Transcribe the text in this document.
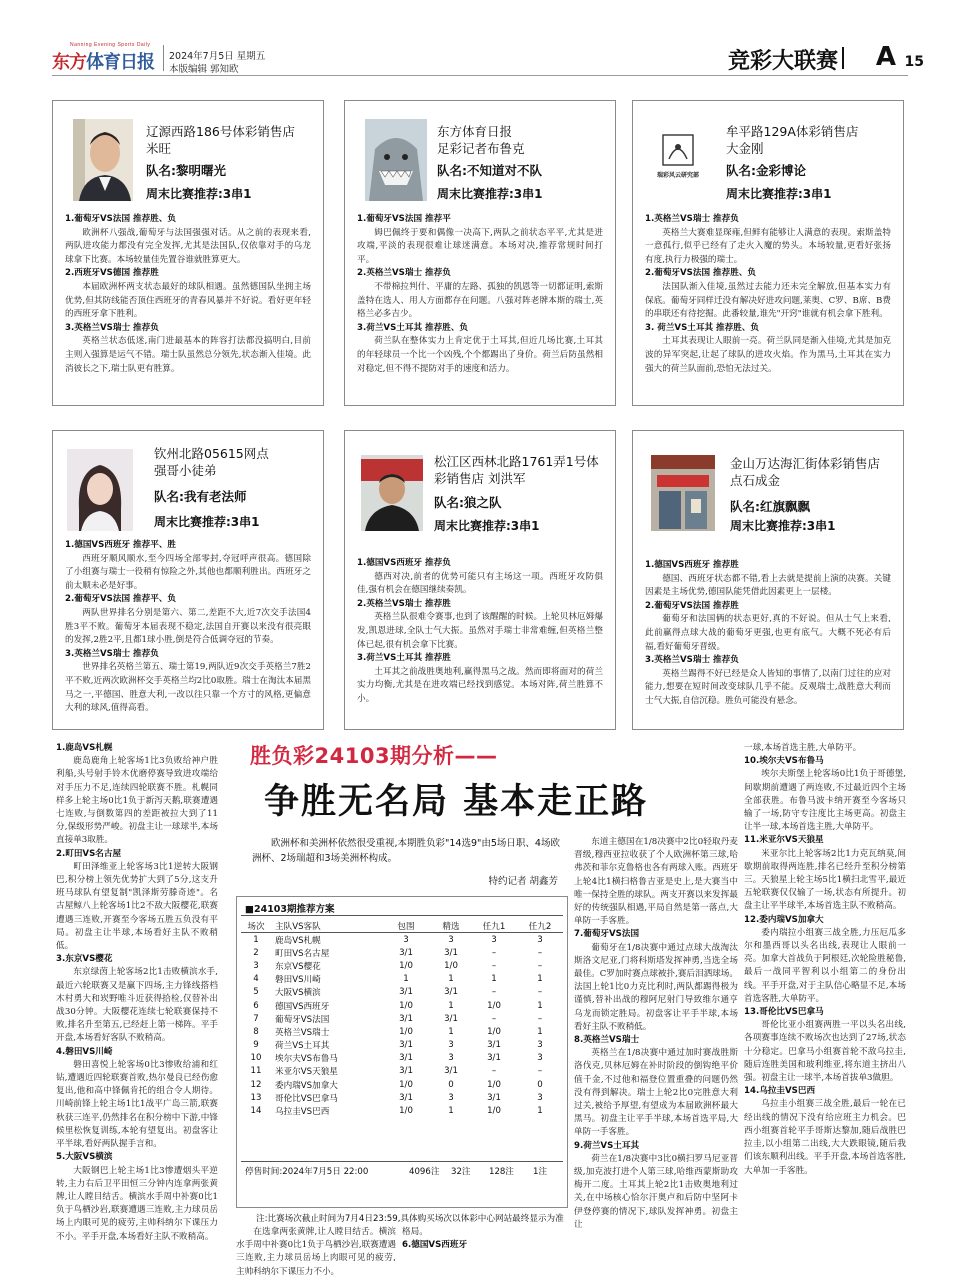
Nanning Evening Sports Daily
东方体育日报 2024年7月5日 星期五
本版编辑 郭知欧	竞彩大联赛 A 15
辽源西路186号体彩销售店
米旺
队名:黎明曙光
周末比赛推荐:3串1
1.葡萄牙VS法国 推荐胜、负

欧洲杯八强战,葡萄牙与法国强强对话。从之前的表现来看,两队进攻能力都没有完全发挥,尤其是法国队,仅依靠对手的乌龙球拿下比赛。本场较量佳先置谷谁就胜算更大。

2.西班牙VS德国 推荐胜

本届欧洲杯两支状态最好的球队相遇。虽然德国队坐拥主场优势,但其防线能否顶住西班牙的青春风暴并不好说。看好更年轻的西班牙拿下胜利。

3.英格兰VS瑞士 推荐负

英格兰状态低迷,南门进最基本的阵容打法都没搞明白,目前主则入强算是运气不错。瑞士队虽然总分领先,状态渐入佳境。此消彼长之下,瑞士队更有胜算。

东方体育日报
足彩记者布鲁克
队名:不知道对不队
周末比赛推荐:3串1
1.葡萄牙VS法国 推荐平

姆巴佩终于要和偶像一决高下,两队之前状态平平,尤其是进攻端,平淡的表现很难让球迷满意。本场对决,推荐常规时间打平。

2.英格兰VS瑞士 推荐负

不带棉拉判什、平庸的左路、孤独的凯恩等一切都证明,索斯盖特在选人、用人方面都存在问题。八强对阵老牌本斯的瑞士,英格兰必多吉少。

3.荷兰VS土耳其 推荐胜、负

荷兰队在整体实力上肯定优于土耳其,但近几场比赛,土耳其的年轻球员一个比一个凶残,个个都踢出了身价。荷兰后防虽然相对稳定,但不得不提防对手的速度和活力。

瑞彩风云研究部
牟平路129A体彩销售店
大金刚
队名:金彩博论
周末比赛推荐:3串1
1.英格兰VS瑞士 推荐负

英格兰大赛难显琛雍,但鲜有能够让人满意的表现。索斯盖特一意孤行,似乎已经有了走火入魔的势头。本场较量,更看好张扬有度,执行力极强的瑞士。

2.葡萄牙VS法国 推荐胜、负

法国队渐入佳境,虽然过去能力还未完全解放,但基本实力有保底。葡萄牙同样迁没有解决好进攻问题,莱奥、C罗、B席、B费的串联还有待挖掘。此番较量,谁先"开窍"谁就有机会拿下胜利。

3. 荷兰VS土耳其 推荐胜、负

土耳其表现让人眼前一亮。荷兰队同是渐入佳境,尤其是加克波的异军突起,让起了球队的进攻火焰。作为黑马,土耳其在实力强大的荷兰队面前,恐怕无法过关。

钦州北路05615网点
强哥小徒弟
队名:我有老法师
周末比赛推荐:3串1
1.德国VS西班牙 推荐平、胜

西班牙顺风顺水,至今四场全部零封,夺冠呼声很高。德国除了小组赛与瑞士一役稍有惊险之外,其他也都顺利胜出。西班牙之前太顺未必是好事。

2.葡萄牙VS法国 推荐平、负

两队世界排名分别是第六、第二,差距不大,近7次交手法国4胜3平不败。葡萄牙本届表现不稳定,法国自开赛以来没有很亮眼的发挥,2胜2平,且都1球小胜,倒是符合低调夺冠的节奏。

3.英格兰VS瑞士 推荐负

世界排名英格兰第五、瑞士第19,两队近9次交手英格兰7胜2平不败,近两次欧洲杯交手英格兰均2比0取胜。瑞士在淘汰本届黑马之一,平德国、胜意大利,一改以往只靠一个方寸的风格,更偏意大利的球风,值得高看。

松江区西林北路1761弄1号体彩销售店 刘洪军
队名:狼之队
周末比赛推荐:3串1
1.德国VS西班牙 推荐负

德西对决,前者的优势可能只有主场这一项。西班牙攻防俱佳,强有机会在德国继续奏凯。

2.英格兰VS瑞士 推荐胜

英格兰队很难令赛事,也到了该醒醒的时候。上轮贝林厄姆爆发,凯恩进球,全队士气大振。虽然对手瑞士非常难缠,但英格兰整体已起,很有机会拿下比赛。

3.荷兰VS土耳其 推荐胜

土耳其之前战胜奥地利,赢得黑马之战。然而即将面对的荷兰实力均衡,尤其是在进攻端已经找到感觉。本场对阵,荷兰胜算不小。

金山万达海汇街体彩销售店
点石成金
队名:红旗飘飘
周末比赛推荐:3串1
1.德国VS西班牙 推荐胜

德国、西班牙状态都不错,看上去就是提前上演的决赛。关键因素是主场优势,德国队能凭借此因素更上一层楼。

2.葡萄牙VS法国 推荐胜

葡萄牙和法国俩的状态更好,真的不好说。但从士气上来看,此前赢得点球大战的葡萄牙更强,也更有底气。大概不死必有后福,看好葡萄牙晋级。

3.英格兰VS瑞士 推荐负

英格兰踢得不好已经是众人皆知的事情了,以南门过往的应对能力,想要在短时间改变球队几乎不能。反观瑞士,战胜意大利而士气大振,自信沉稳。胜负可能没有悬念。

1.鹿岛VS札幌

鹿岛鹿角上轮客场1比3负败给神户胜利船,头号射手铃木优磨停赛导致进攻端给对手压力不足,连续四轮联赛不胜。札幌同样多上轮主场0比1负于新泻天鹅,联赛遭遇七连败,与倒数第四的差距被拉大到了11分,保级形势严峻。初盘主让一球球半,本场直接单3取胜。

2.町田VS名古屋

町田泽维亚上轮客场3比1逆转大阪钢巴,积分榜上领先优势扩大到了5分,这支升班马球队有望复制"凯泽斯劳滕奇迹"。名古屋鲸八上轮客场1比2不敌大阪樱花,联赛遭遇三连败,开赛至今客场五胜五负没有平局。初盘主让半球,本场看好主队不败稍低。

3.东京VS樱花

东京绿茵上轮客场2比1击败横滨水手,最近六轮联赛又是赢下四场,主力锋线搭档木村勇大和崁野唯斗近获得拾检,仅替补出战30分钟。大阪樱花连续七轮联赛保持不败,排名升至第五,已经赶上第一梯阵。平手开盘,本场看好客队不败稍高。

4.磐田VS川崎

磐田喜悦上轮客场0比3惨败给浦和红钻,遭遇近四轮联赛首败,热尔曼良已经伤愈复出,他和高中锋佩肯托的组合令人期待。川崎前锋上轮主场1比1战平广岛三箭,联赛秋获三连平,仍然排名在积分榜中下游,中锋候里松恢复训练,本轮有望复出。初盘客让平半球,看好两队握手言和。

5.大阪VS横滨

大阪钢巴上轮主场1比3惨遭烟头平逆转,主力右后卫平田恒三分钟内连拿两张黄牌,让人瞠目结舌。横滨水手周中补赛0比1负于鸟栖沙岩,联赛遭遇三连败,主力球员岳场上内眼可见的疲劳,主帅科纳尔下课压力不小。平手开盘,本场看好主队不败稍高。

胜负彩24103期分析——
争胜无名局 基本走正路
欧洲杯和美洲杯依然很受重视,本期胜负彩"14选9"由5场日职、4场欧洲杯、2场瑞超和3场美洲杯构成。
特约记者 胡鑫芳
■24103期推荐方案
场次	主队VS客队	包围	精选	任九1	任九2
1	鹿岛VS札幌	3	3	3	3
2	町田VS名古屋	3/1	3/1	–	–
3	东京VS樱花	1/0	1/0	–	–
4	磐田VS川崎	1	1	1	1
5	大阪VS横滨	3/1	3/1	–	–
6	德国VS西班牙	1/0	1	1/0	1
7	葡萄牙VS法国	3/1	3/1	–	–
8	英格兰VS瑞士	1/0	1	1/0	1
9	荷兰VS土耳其	3/1	3	3/1	3
10	埃尔夫VS布鲁马	3/1	3	3/1	3
11	米亚尔VS天狼星	3/1	3/1	–	–
12	委内瑞VS加拿大	1/0	0	1/0	0
13	哥伦比VS巴拿马	3/1	3	3/1	3
14	乌拉圭VS巴西	1/0	1	1/0	1
停售时间:2024年7月5日 22:00	4096注 32注 128注 1注
注:比赛场次截止时间为7月4日23:59,具体购买场次以体彩中心网站最终显示为准

在选拿两张黄牌,让人瞠目结舌。横滨水手周中补赛0比1负于鸟栖沙岩,联赛遭遇三连败,主力球员岳场上肉眼可见的疲劳,主帅科纳尔下课压力不小。

格局。
6.德国VS西班牙

东道主德国在1/8决赛中2比0轻取丹麦晋级,穆西亚拉收获了个人欧洲杯第三球,哈弗茨和菲尔克鲁格也各有两球入账。西班牙上轮4比1横扫格鲁吉亚是史上,是大赛当中唯一保持全胜的球队。两支开赛以来发挥最好的传统强队相遇,平局自然是第一落点,大单防一手客胜。

7.葡萄牙VS法国

葡萄牙在1/8决赛中通过点球大战淘汰斯洛文尼亚,门将科斯塔发挥神勇,当选全场最佳。C罗加时赛点球被扑,赛后泪洒球场。法国上轮1比0力克比利时,两队都踢得极为谨慎,替补出战的穆阿尼射门导致维尔通亨乌龙而锁定胜局。初盘客让平手半球,本场看好主队不败稍低。

8.英格兰VS瑞士

英格兰在1/8决赛中通过加时赛战胜斯洛伐克,贝林厄姆在补时阶段的倒钩绝平价值千金,不过他和福登位置重叠的问题仍然没有得到解决。瑞士上轮2比0完胜意大利过关,被给予厚望,有望成为本届欧洲杯最大黑马。初盘主让平手半球,本场首选平局,大单防一手客胜。

9.荷兰VS土耳其

荷兰在1/8决赛中3比0横扫罗马尼亚晋级,加克波打进个人第三球,哈维西蒙斯助攻梅开二度。土耳其上轮2比1击败奥地利过关,在中场核心恰尔汗奥卢和后防中坚阿卡伊登停赛的情况下,球队发挥神勇。初盘主让

一球,本场首选主胜,大单防平。
10.埃尔夫VS布鲁马

埃尔夫斯堡上轮客场0比1负于哥德堡,间歇期前遭遇了两连败,不过最近四个主场全部获胜。布鲁马波卡纳开赛至今客场只输了一场,防守专注度比主场更高。初盘主让半一球,本场首选主胜,大单防平。

11.米亚尔VS天狼星

米亚尔比上轮客场2比1力克瓦纳莫,间歇期前取得两连胜,排名已经升至积分榜第三。天狼星上轮主场5比1横扫北雪平,最近五轮联赛仅仅输了一场,状态有所提升。初盘主让平半球半,本场首选主队不败稍高。

12.委内瑞VS加拿大

委内瑞拉小组赛三战全胜,力压厄瓜多尔和墨西哥以头名出线,表现让人眼前一亮。加拿大首战负于阿根廷,次轮险胜秘鲁,最后一战同平智利以小组第二的身份出线。平手开盘,对于主队信心略显不足,本场首选客胜,大单防平。

13.哥伦比VS巴拿马

哥伦比亚小组赛两胜一平以头名出线,各项赛事连续不败场次也达到了27场,状态十分稳定。巴拿马小组赛首轮不敌乌拉圭,随后连胜美国和玻利维亚,将东道主挤出八强。初盘主让一球半,本场首拔单3做胆。

14.乌拉圭VS巴西

乌拉圭小组赛三战全胜,最后一轮在已经出线的情况下没有给应班主力机会。巴西小组赛首轮平手哥斯达黎加,随后战胜巴拉圭,以小组第二出线,大大跌眼镜,随后我们该东顺利出线。平手开盘,本场首选客胜,大单加一手客胜。
